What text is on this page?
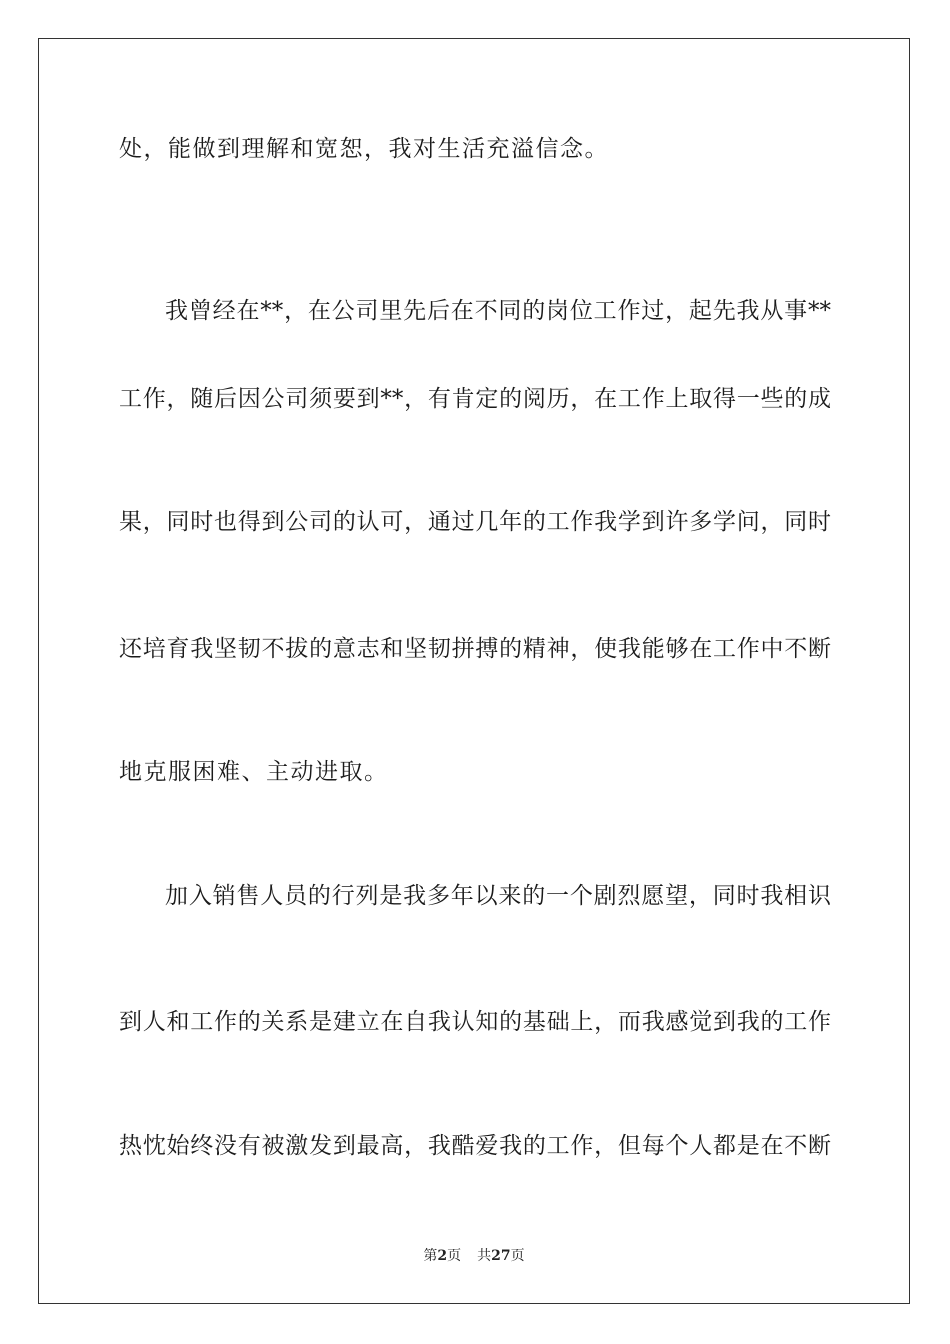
处，能做到理解和宽恕，我对生活充溢信念。
我曾经在**，在公司里先后在不同的岗位工作过，起先我从事**
工作，随后因公司须要到**，有肯定的阅历，在工作上取得一些的成
果，同时也得到公司的认可，通过几年的工作我学到许多学问，同时
还培育我坚韧不拔的意志和坚韧拼搏的精神，使我能够在工作中不断
地克服困难、主动进取。
加入销售人员的行列是我多年以来的一个剧烈愿望，同时我相识
到人和工作的关系是建立在自我认知的基础上，而我感觉到我的工作
热忱始终没有被激发到最高，我酷爱我的工作，但每个人都是在不断
第2页 共27页
